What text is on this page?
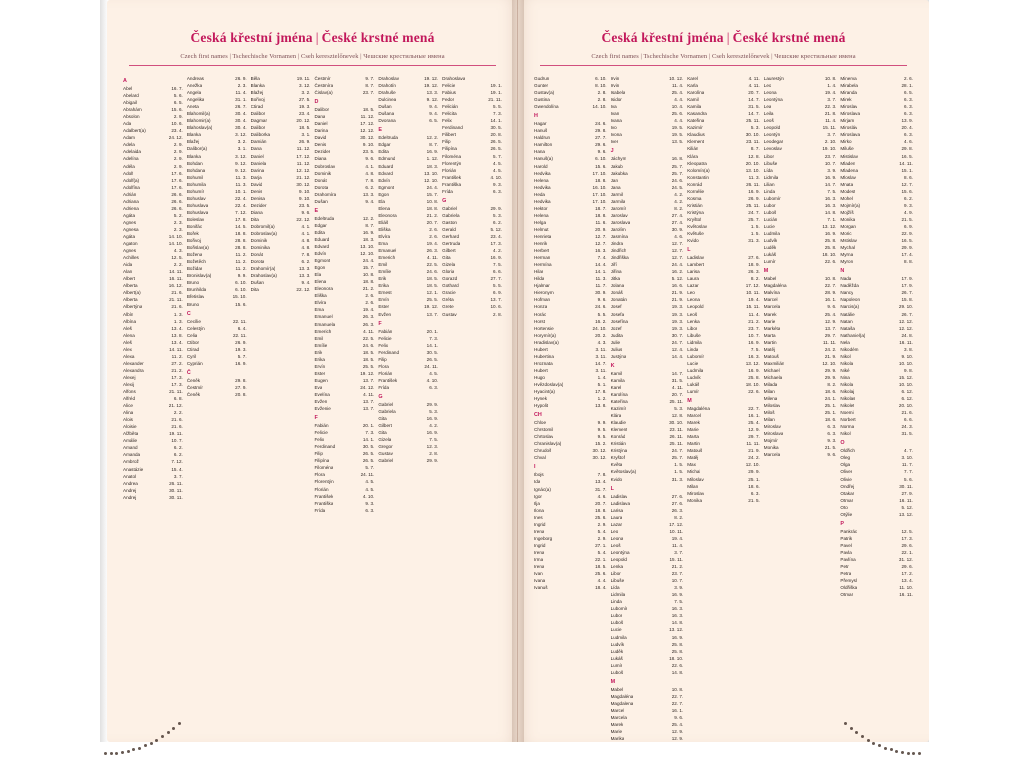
Česká křestní jména | České krstné mená
Czech first names | Tschechische Vornamen | Cseh keresztelőnevek | Чешские крестильные имена
A
Abel	16. 7.
Abelard	5. 6.
Abigail	6. 5.
Abrahám	15. 6.
Absolon	2. 9.
Ada	10. 6.
Adalbert(a)	23. 4.
Adam	24. 12.
Adela	2. 9.
Adelaida	2. 9.
Adelína	2. 9.
Adéla	2. 9.
Adolf	17. 6.
Adolf(a)	17. 6.
Adolfína	17. 6.
Adrián	26. 6.
Adriana	26. 6.
Adriena	26. 6.
Agáta	5. 2.
Agnes	2. 3.
Agnesa	2. 3.
Agáta	14. 10.
Agaton	14. 10.
Agnes	4. 3.
Achilles	12. 5.
Aida	2. 2.
Alan	14. 11.
Albert	16. 11.
Alberta	16. 12.
Albert(a)	21. 6.
Alberta	21. 11.
Albertýna	21. 6.
Albín	1. 3.
Albína	1. 3.
Aleš	13. 4.
Alena	13. 8.
Aleš	13. 4.
Alex	14. 11.
Alexa	11. 2.
Alexander	27. 2.
Alexandra	21. 2.
Alexej	17. 3.
Alexij	17. 3.
Alfons	21. 11.
Alfréd	6. 8.
Alice	21. 12.
Alina	2. 2.
Alois	21. 6.
Aloisie	21. 6.
Alžběta	19. 11.
Amálie	10. 7.
Amand	6. 2.
Amanda	6. 2.
Ambrož	7. 12.
Anastázie	15. 4.
Anatol	3. 7.
Andrea	26. 11.
Andrej	30. 11.
Andrej	30. 11.
Andreas	26. 9.
Anežka	2. 3.
Angela	11. 4.
Angelika	31. 1.
Aneta	26. 7.
Blahomil(a)	30. 4.
Blahomir(a)	30. 4.
Blahoslav(a)	30. 4.
Blanka	3. 12.
Blažej	3. 2.
Dalibor(a)	3. 1.
Blanka	3. 12.
Bohdan	9. 12.
Bohdana	9. 12.
Bohumil	11. 3.
Bohumila	11. 3.
Bohumír	10. 1.
Bohuslav	22. 4.
Bohuslava	22. 4.
Bohuslava	7. 12.
Boleslav	17. 8.
Bonifác	14. 5.
Bořek	18. 8.
Bořivoj	28. 8.
Bořislav(a)	28. 8.
Božena	11. 2.
Božetěch	11. 2.
Božidar	11. 2.
Bronislav(a)	9. 9.
Bruno	6. 10.
Brunhilda	6. 10.
Břetislav	15. 10.
Bruno	15. 6.
C
Cecílie	22. 11.
Celestýn	6. 4.
Celia	22. 11.
Ctibor	26. 9.
Ctirad	19. 3.
Cyril	5. 7.
Cyprián	16. 9.
Č
Čeněk	29. 8.
Čestmír	27. 9.
Čeněk	20. 8.
Běla	19. 11.
Blanka	3. 12.
Blažej	3. 2.
Bořivoj	27. 5.
Ctirad	19. 3.
Dalibor	23. 4.
Dagmar	20. 12.
Dalibor	18. 5.
Daliborka	3. 1.
Damián	26. 9.
Dana	11. 12.
Daniel	17. 12.
Daniela	11. 12.
Darina	12. 12.
Darja	21. 12.
David	30. 12.
Denis	9. 10.
Denisa	9. 10.
Dezider	23. 5.
Diana	9. 6.
Dita	22. 12.
Dobromil(a)	4. 1.
Dobroslav(a)	4. 1.
Dominik	4. 8.
Dominika	4. 8.
Donát	7. 8.
Dorota	6. 2.
Drahomír(a)	13. 3.
Drahoslav(a)	13. 3.
Dušan	9. 4.
Dita	22. 12.
Čestmír	9. 7.
Čestmíra	8. 7.
Čislav(a)	23. 7.
D
Dalibor	18. 5.
Dana	11. 12.
Daniel	17. 12.
Darina	12. 12.
David	30. 12.
Denis	9. 10.
Dezider	23. 5.
Diana	9. 6.
Dobroslav	4. 1.
Dominik	4. 8.
Donát	7. 8.
Dorota	6. 2.
Drahomíra	13. 3.
Dušan	9. 4.
E
Edeltruda	12. 2.
Edgar	8. 7.
Edita	16. 9.
Eduard	18. 3.
Edvard	13. 10.
Edvín	12. 10.
Egmont	24. 4.
Egon	15. 7.
Ela	10. 8.
Elena	18. 8.
Eleonora	21. 2.
Eliška	2. 6.
Elvíra	2. 6.
Ema	19. 4.
Emanuel	26. 3.
Emanuela	26. 3.
Emerich	4. 11.
Emil	22. 5.
Emílie	24. 6.
Erik	18. 5.
Erika	18. 5.
Ervín	25. 5.
Ester	19. 12.
Eugen	13. 7.
Eva	24. 12.
Evelína	4. 11.
Evžen	13. 7.
Evženie	13. 7.
F
Fabián	20. 1.
Felicie	7. 3.
Felix	14. 1.
Ferdinand	30. 5.
Filip	26. 5.
Filipína	26. 5.
Filoména	5. 7.
Flora	24. 11.
Florentýn	4. 5.
Florián	4. 5.
František	4. 10.
Františka	9. 3.
Frída	6. 3.
Drahoslav	19. 12.
Drahotín	19. 12.
Drahuše	13. 3.
Dulcinea	9. 12.
Dušan	9. 4.
Dušana	9. 4.
Dvorana	6. 5.
E
Edeltruda	12. 2.
Edgar	8. 7.
Edita	16. 9.
Edmund	1. 12.
Eduard	18. 3.
Edvard	13. 10.
Edvín	12. 10.
Egmont	24. 4.
Egon	15. 7.
Ela	10. 8.
Elena	18. 8.
Eleonora	21. 2.
Eliáš	20. 7.
Eliška	2. 6.
Elvíra	2. 6.
Ema	19. 4.
Emanuel	26. 3.
Emerich	4. 11.
Emil	22. 5.
Emílie	24. 6.
Erik	18. 5.
Erika	18. 5.
Ernest	12. 1.
Ervín	25. 5.
Ester	19. 12.
Evžen	13. 7.
F
Fabián	20. 1.
Felicie	7. 3.
Felix	14. 1.
Ferdinand	30. 5.
Filip	26. 5.
Flora	24. 11.
Florián	4. 5.
František	4. 10.
Frída	6. 3.
G
Gabriel	29. 9.
Gabriela	5. 3.
Gita	16. 9.
Gilbert	4. 2.
Gita	16. 9.
Gizela	7. 5.
Gregor	12. 3.
Gustav	2. 8.
Gabriel	29. 9.
Drahoslava
Felicie	19. 1.
Fabius	19. 1.
Fedor	21. 11.
Felicián	5. 5.
Felicita	7. 3.
Felix	14. 1.
Ferdinand	30. 5.
Filibert	20. 8.
Filip	26. 5.
Filipína	26. 5.
Filoména	5. 7.
Florentýn	4. 5.
Florián	4. 5.
František	4. 10.
Františka	9. 3.
Frída	6. 3.
G
Gabriel	29. 9.
Gabriela	5. 3.
Gaston	6. 2.
Gerald	5. 12.
Gerhard	23. 4.
Gertruda	17. 3.
Gilbert	4. 2.
Gita	16. 9.
Gizela	7. 5.
Gloria	6. 6.
Gorazd	27. 7.
Gothard	5. 5.
Gracie	6. 9.
Gréta	13. 7.
Grete	10. 6.
Gustav	2. 8.
Česká křestní jména | České krstné mená
Czech first names | Tschechische Vornamen | Cseh keresztelőnevek | Чешские крестильные имена
Gudrun	6. 10.
Gunter	8. 10.
Gustav(a)	2. 8.
Gustina	2. 8.
Gwendolína	14. 10.
H
Hagar	24. 6.
Hanuš	29. 8.
Haldrun	27. 7.
Hamilton	29. 6.
Hana	9. 6.
Hanuš(a)	6. 10.
Harold	15. 6.
Hedvika	17. 10.
Helena	18. 8.
Hedvika	16. 10.
Heda	17. 10.
Hedvika	17. 10.
Hektor	18. 7.
Helena	18. 8.
Helga	11. 6.
Helmut	20. 9.
Henrieta	12. 7.
Henrik	12. 7.
Herbert	16. 3.
Herman	7. 4.
Hermína	14. 4.
Hilar	14. 1.
Hilda	11. 3.
Hjalmar	11. 7.
Hieronym	30. 9.
Hofman	9. 6.
Honza	24. 6.
Horác	5. 5.
Horst	16. 2.
Hortensie	24. 10.
Horymír(a)	20. 2.
Hradislav(a)	4. 3.
Hubert	3. 11.
Hubertina	3. 11.
Hroznata	14. 7.
Hubert	3. 11.
Hugo	1. 4.
Hvězdoslav(a)	5. 1.
Hyacint(a)	17. 8.
Hynek	1. 2.
Hypolit	13. 8.
CH
Chloe	9. 9.
Chrstomil	9. 5.
Chrtoslav	9. 5.
Chranislav(a)	15. 2.
Chrudoš	30. 12.
Chval	30. 12.
I
Ibojs	7. 8.
Ida	13. 4.
Ignác(a)	31. 7.
Igor	4. 6.
Ilja	20. 7.
Ilona	18. 8.
Ines	25. 6.
Ingrid	2. 9.
Irena	5. 4.
Ingeborg	2. 9.
Ingrid	27. 1.
Irena	5. 4.
Irma	22. 1.
Irena	18. 5.
Ivan	25. 6.
Ivana	4. 4.
Ivanuš	18. 4.
Irvin	10. 12.
Irvin	11. 4.
Isabela	25. 4.
Isidor	4. 4.
Iva	10. 4.
Ivan	25. 6.
Ivana	4. 4.
Ivo	19. 5.
Ivona	19. 5.
Iver	13. 5.
J
Jáchym	16. 8.
Jakub	25. 7.
Jakubka	25. 7.
Jan	24. 6.
Jana	24. 5.
Jarmil	4. 2.
Jarmila	4. 2.
Jaromír	8. 2.
Jaroslav	27. 4.
Jaroslava	27. 4.
Jarolím	30. 9.
Jasmína	4. 6.
Jindra	12. 7.
Jindřich	12. 7.
Jindřiška	12. 7.
Jiří	24. 4.
Jiřina	16. 2.
Jitka	5. 12.
Jolana	16. 6.
Jonáš	21. 9.
Jonatán	21. 9.
Josef	19. 3.
Josefa	19. 3.
Josefína	19. 3.
Jozef	19. 3.
Judita	30. 7.
Julie	24. 7.
Julius	12. 4.
Justýna	14. 4.
K
Kamil	14. 7.
Kamila	31. 5.
Karel	4. 11.
Karolína	20. 7.
Kateřina	25. 11.
Kazimír	5. 3.
Klára	12. 8.
Klaudie	30. 10.
Klement	23. 11.
Konrád	26. 11.
Kristián	25. 11.
Kristýna	24. 7.
Kryštof	25. 7.
Květa	1. 5.
Květoslav(a)	1. 5.
Kvido	31. 3.
L
Ladislav	27. 6.
Ladislava	27. 6.
Larisa	26. 3.
Laura	8. 2.
Lazar	17. 12.
Leo	10. 11.
Leona	19. 4.
Leoš	11. 4.
Leontýna	3. 7.
Leopold	15. 11.
Lenka	21. 2.
Libor	23. 7.
Libuše	10. 7.
Lída	3. 9.
Lidmila	16. 9.
Linda	7. 5.
Lubomír	16. 3.
Lubor	16. 3.
Luboš	14. 8.
Lucie	13. 12.
Ludmila	16. 9.
Ludvík	25. 8.
Luděk	25. 8.
Lukáš	18. 10.
Lumír	22. 6.
Luboš	14. 8.
M
Mabel	10. 8.
Magdaléna	22. 7.
Magdalena	22. 7.
Marcel	16. 1.
Marcela	9. 6.
Marek	25. 4.
Marie	12. 9.
Marika	12. 9.
Karel	4. 11.
Karla	4. 11.
Karolína	20. 7.
Kamil	14. 7.
Kamila	31. 5.
Kasandra	14. 7.
Kateřina	25. 11.
Kazimír	5. 3.
Klaudius	30. 10.
Klement	23. 11.
Kilián	8. 7.
Klára	12. 8.
Kleopatra	20. 10.
Kolomín(a)	13. 10.
Konstantin	11. 3.
Konrád	26. 11.
Kornélie	16. 9.
Kosma	26. 9.
Kristián	25. 11.
Kristýna	24. 7.
Kryštof	25. 7.
Květoslav	1. 5.
Květuše	1. 5.
Kvido	31. 3.
L
Ladislav	27. 6.
Lambert	18. 9.
Larisa	26. 3.
Laura	8. 2.
Lazar	17. 12.
Leo	10. 11.
Leona	19. 4.
Leopold	15. 11.
Leoš	11. 4.
Lenka	21. 2.
Libor	23. 7.
Libuše	10. 7.
Lidmila	16. 9.
Linda	7. 5.
Lubomír	16. 3.
Lucie	13. 12.
Ludmila	16. 9.
Ludvík	25. 8.
Lukáš	18. 10.
Lumír	22. 6.
M
Magdaléna	22. 7.
Marcel	16. 1.
Marek	25. 4.
Marie	12. 9.
Marta	29. 7.
Martin	11. 11.
Matouš	21. 9.
Matěj	24. 2.
Max	12. 10.
Michal	29. 9.
Miloslav	25. 1.
Milan	18. 6.
Miroslav	6. 3.
Monika	21. 5.
Laurestýn	10. 8.
Leo	1. 4.
Leona	19. 4.
Leontýna	3. 7.
Lea	22. 3.
Leila	21. 8.
Leoš	11. 4.
Leopold	15. 11.
Leontýn	3. 7.
Leodegar	2. 10.
Levoslav	19. 10.
Libor	23. 7.
Libuše	10. 7.
Lída	3. 9.
Lidmila	16. 9.
Lilian	14. 7.
Linda	7. 5.
Lubomír	16. 3.
Lubor	16. 3.
Luboš	14. 8.
Lucián	7. 1.
Lucie	13. 12.
Ludmila	16. 9.
Ludvík	25. 8.
Luděk	25. 8.
Lukáš	18. 10.
Lumír	22. 6.
M
Mabel	10. 8.
Magdaléna	22. 7.
Malvína	28. 9.
Marcel	16. 1.
Marcela	9. 6.
Marek	25. 4.
Marie	12. 9.
Markéta	13. 7.
Marta	29. 7.
Martin	11. 11.
Matěj	24. 2.
Matouš	21. 9.
Maxmilián	12. 10.
Michael	29. 9.
Michaela	29. 9.
Milada	8. 2.
Milan	18. 6.
Milena	24. 1.
Miloslav	25. 1.
Miloš	25. 1.
Milan	18. 6.
Miroslav	6. 3.
Miroslava	6. 3.
Mojmír	9. 3.
Monika	21. 5.
Marcela	9. 6.
Minerva	2. 6.
Mirabela	28. 1.
Miranda	6. 5.
Mirek	6. 3.
Miroslav	6. 3.
Miroslava	6. 3.
Mirjam	13. 9.
Mirosláv	20. 4.
Miroslava	6. 3.
Mirko	4. 6.
Miluše	29. 8.
Mistislav	16. 5.
Mladen	14. 11.
Mladena	15. 1.
Mloslav	8. 6.
Mnata	12. 7.
Modest	15. 6.
Mohel	6. 2.
Mojmír(a)	9. 3.
Mojžíš	4. 9.
Monika	21. 5.
Morgan	6. 9.
Moric	22. 9.
Mstislav	16. 5.
Mychal	29. 9.
Myrna	17. 4.
Myron	8. 8.
N
Nada	17. 9.
Naděžda	17. 9.
Nancy	26. 7.
Napoleon	15. 8.
Narcis(a)	29. 10.
Natálie	26. 7.
Natan	12. 12.
Nataša	12. 12.
Nathaniel(a)	24. 8.
Nela	16. 11.
Nikodém	3. 8.
Nikol	9. 10.
Nikola	10. 10.
Niké	9. 8.
Nina	15. 12.
Nikola	10. 10.
Nikolaj	6. 12.
Nikolas	6. 12.
Nikolet	20. 10.
Noemi	21. 6.
Norbert	6. 6.
Norma	24. 3.
Nikol	31. 5.
O
Oldřich	4. 7.
Oleg	3. 10.
Olga	11. 7.
Oliver	7. 7.
Olivie	5. 6.
Ondřej	30. 11.
Otakar	27. 9.
Otmar	16. 11.
Oto	5. 12.
Otýlie	13. 12.
P
Pankrác	12. 5.
Patrik	17. 3.
Pavel	29. 6.
Pavla	22. 1.
Pavlína	31. 12.
Petr	29. 6.
Petra	17. 2.
Přemysl	13. 4.
Oldřiška	11. 10.
Otmar	16. 11.
